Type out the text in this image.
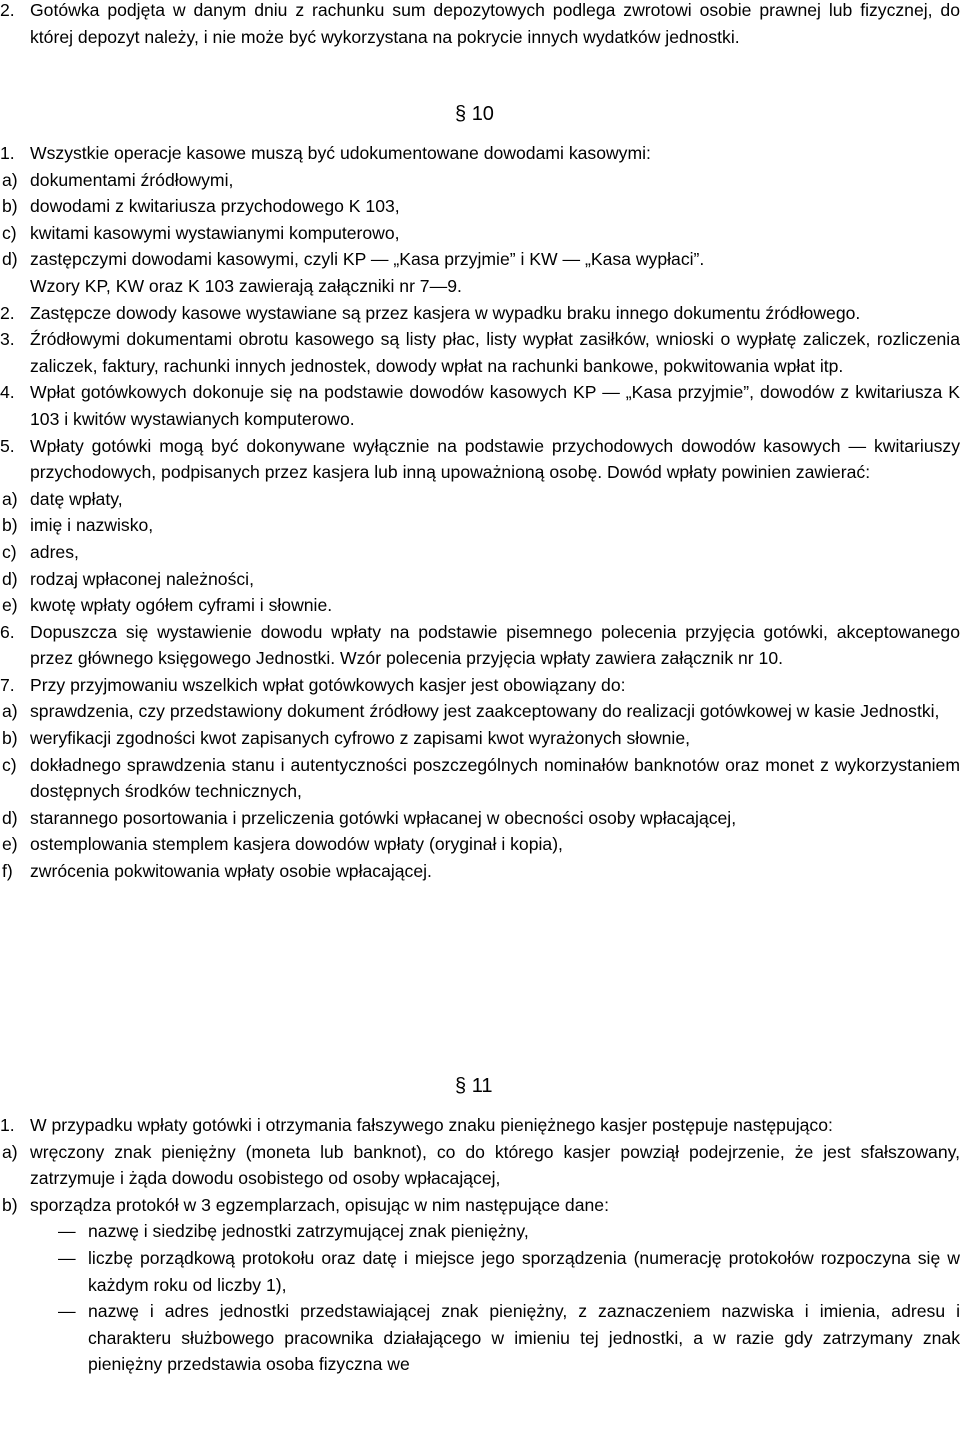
2. Gotówka podjęta w danym dniu z rachunku sum depozytowych podlega zwrotowi osobie prawnej lub fizycznej, do której depozyt należy, i nie może być wykorzystana na pokrycie innych wydatków jednostki.
§ 10
1. Wszystkie operacje kasowe muszą być udokumentowane dowodami kasowymi:
a) dokumentami źródłowymi,
b) dowodami z kwitariusza przychodowego K 103,
c) kwitami kasowymi wystawianymi komputerowo,
d) zastępczymi dowodami kasowymi, czyli KP — „Kasa przyjmie” i KW — „Kasa wypłaci”.
Wzory KP, KW oraz K 103 zawierają załączniki nr 7—9.
2. Zastępcze dowody kasowe wystawiane są przez kasjera w wypadku braku innego dokumentu źródłowego.
3. Źródłowymi dokumentami obrotu kasowego są listy płac, listy wypłat zasiłków, wnioski o wypłatę zaliczek, rozliczenia zaliczek, faktury, rachunki innych jednostek, dowody wpłat na rachunki bankowe, pokwitowania wpłat itp.
4. Wpłat gotówkowych dokonuje się na podstawie dowodów kasowych KP — „Kasa przyjmie”, dowodów z kwitariusza K 103 i kwitów wystawianych komputerowo.
5. Wpłaty gotówki mogą być dokonywane wyłącznie na podstawie przychodowych dowodów kasowych — kwitariuszy przychodowych, podpisanych przez kasjera lub inną upoważnioną osobę. Dowód wpłaty powinien zawierać:
a) datę wpłaty,
b) imię i nazwisko,
c) adres,
d) rodzaj wpłaconej należności,
e) kwotę wpłaty ogółem cyframi i słownie.
6. Dopuszcza się wystawienie dowodu wpłaty na podstawie pisemnego polecenia przyjęcia gotówki, akceptowanego przez głównego księgowego Jednostki. Wzór polecenia przyjęcia wpłaty zawiera załącznik nr 10.
7. Przy przyjmowaniu wszelkich wpłat gotówkowych kasjer jest obowiązany do:
a) sprawdzenia, czy przedstawiony dokument źródłowy jest zaakceptowany do realizacji gotówkowej w kasie Jednostki,
b) weryfikacji zgodności kwot zapisanych cyfrowo z zapisami kwot wyrażonych słownie,
c) dokładnego sprawdzenia stanu i autentyczności poszczególnych nominałów banknotów oraz monet z wykorzystaniem dostępnych środków technicznych,
d) starannego posortowania i przeliczenia gotówki wpłacanej w obecności osoby wpłacającej,
e) ostemplowania stemplem kasjera dowodów wpłaty (oryginał i kopia),
f) zwrócenia pokwitowania wpłaty osobie wpłacającej.
§ 11
1. W przypadku wpłaty gotówki i otrzymania fałszywego znaku pieniężnego kasjer postępuje następująco:
a) wręczony znak pieniężny (moneta lub banknot), co do którego kasjer powziął podejrzenie, że jest sfałszowany, zatrzymuje i żąda dowodu osobistego od osoby wpłacającej,
b) sporządza protokół w 3 egzemplarzach, opisując w nim następujące dane:
— nazwę i siedzibę jednostki zatrzymującej znak pieniężny,
— liczbę porządkową protokołu oraz datę i miejsce jego sporządzenia (numerację protokołów rozpoczyna się w każdym roku od liczby 1),
— nazwę i adres jednostki przedstawiającej znak pieniężny, z zaznaczeniem nazwiska i imienia, adresu i charakteru służbowego pracownika działającego w imieniu tej jednostki, a w razie gdy zatrzymany znak pieniężny przedstawia osoba fizyczna we
